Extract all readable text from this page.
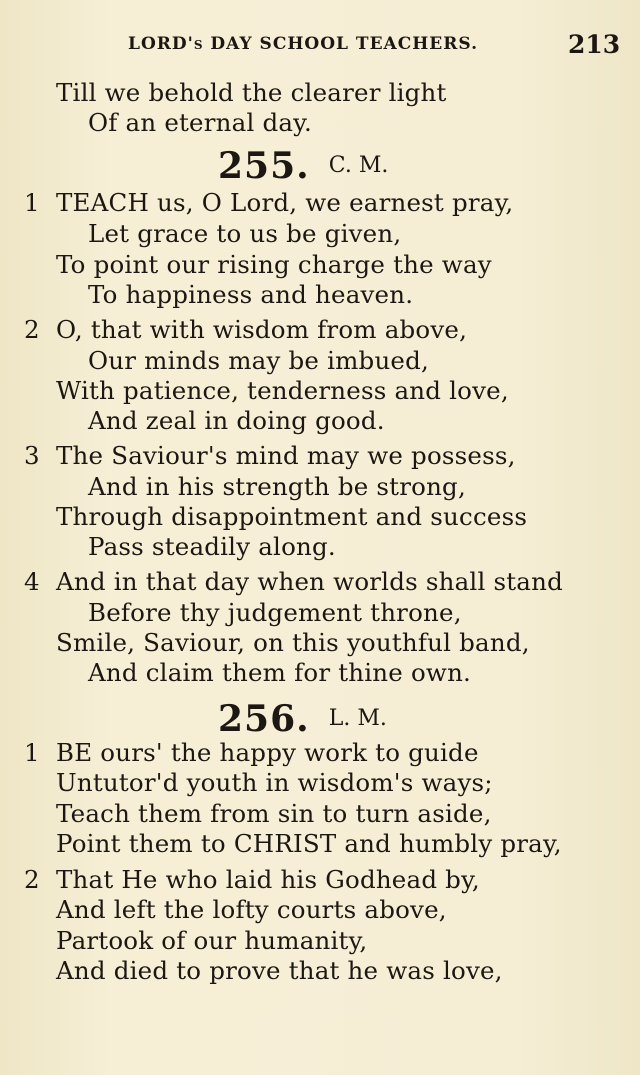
LORD's DAY SCHOOL TEACHERS.	213
Till we behold the clearer light
Of an eternal day.
255. C. M.
1 TEACH us, O Lord, we earnest pray,
Let grace to us be given,
To point our rising charge the way
To happiness and heaven.
2 O, that with wisdom from above,
Our minds may be imbued,
With patience, tenderness and love,
And zeal in doing good.
3 The Saviour's mind may we possess,
And in his strength be strong,
Through disappointment and success
Pass steadily along.
4 And in that day when worlds shall stand
Before thy judgement throne,
Smile, Saviour, on this youthful band,
And claim them for thine own.
256. L. M.
1 BE ours' the happy work to guide
Untutor'd youth in wisdom's ways;
Teach them from sin to turn aside,
Point them to CHRIST and humbly pray,
2 That He who laid his Godhead by,
And left the lofty courts above,
Partook of our humanity,
And died to prove that he was love,
